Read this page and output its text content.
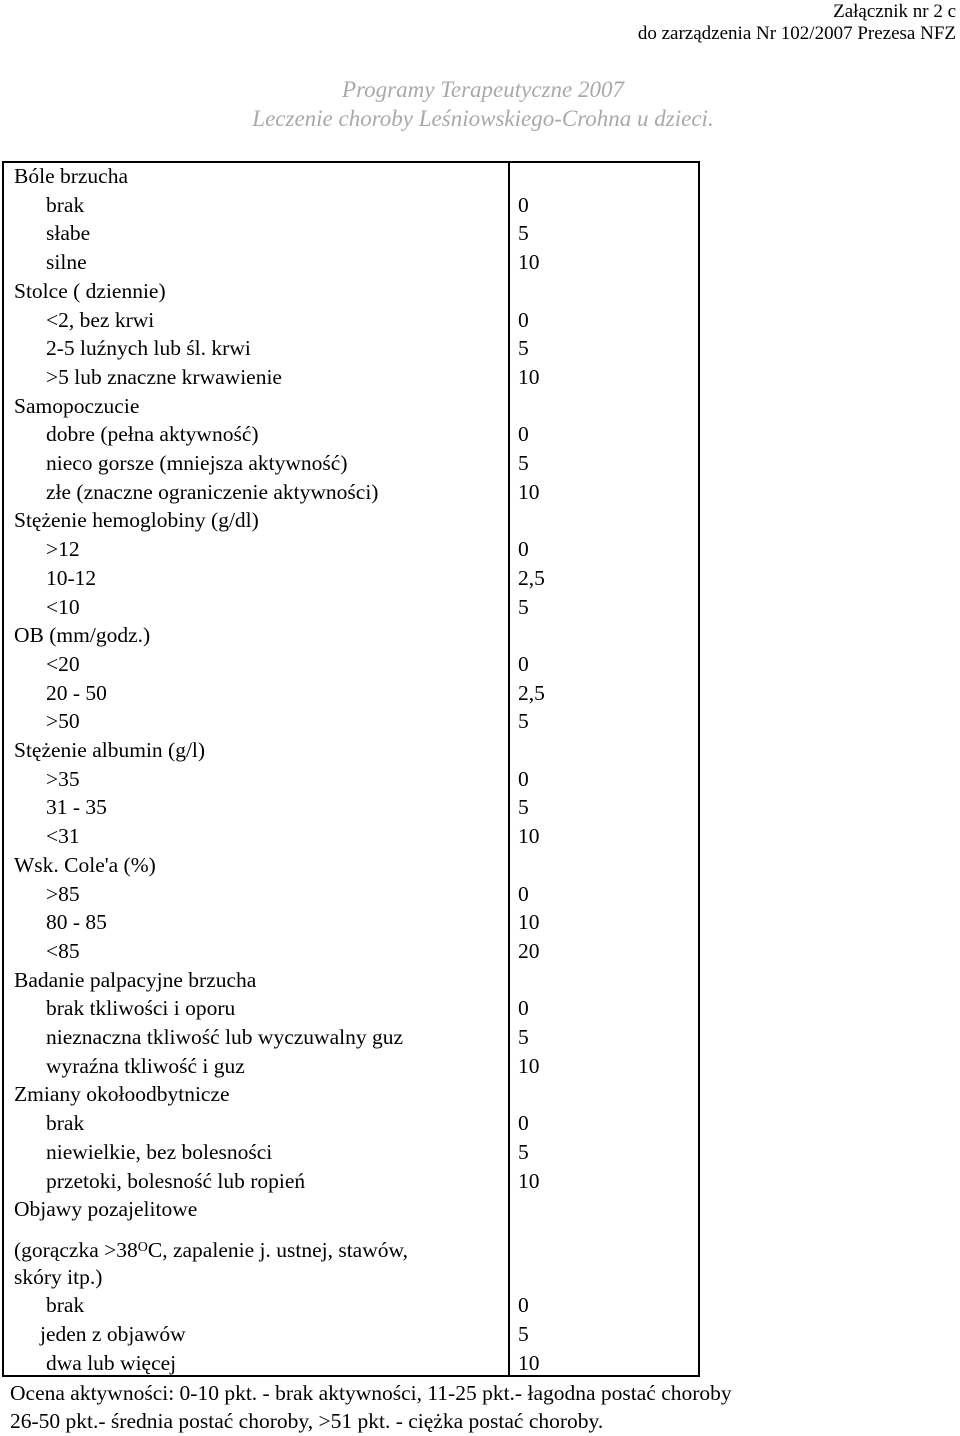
Załącznik nr 2 c
do zarządzenia Nr 102/2007 Prezesa NFZ
Programy Terapeutyczne 2007
Leczenie choroby Leśniowskiego-Crohna u dzieci.
Bóle brzucha
brak	0
słabe	5
silne	10
Stolce ( dziennie)
<2, bez krwi	0
2-5 luźnych lub śl. krwi	5
>5 lub znaczne krwawienie	10
Samopoczucie
dobre (pełna aktywność)	0
nieco gorsze (mniejsza aktywność)	5
złe (znaczne ograniczenie aktywności)	10
Stężenie hemoglobiny (g/dl)
>12	0
10-12	2,5
<10	5
OB (mm/godz.)
<20	0
20 - 50	2,5
>50	5
Stężenie albumin (g/l)
>35	0
31 - 35	5
<31	10
Wsk. Cole'a (%)
>85	0
80 - 85	10
<85	20
Badanie palpacyjne brzucha
brak tkliwości i oporu	0
nieznaczna tkliwość lub wyczuwalny guz	5
wyraźna tkliwość i guz	10
Zmiany okołoodbytnicze
brak	0
niewielkie, bez bolesności	5
przetoki, bolesność lub ropień	10
Objawy pozajelitowe
(gorączka $>38^OC$, zapalenie j. ustnej, stawów,
skóry itp.)
brak	0
jeden z objawów	5
dwa lub więcej	10
Ocena aktywności: 0-10 pkt. - brak aktywności, 11-25 pkt.- łagodna postać choroby
26-50 pkt.- średnia postać choroby, >51 pkt. - ciężka postać choroby.
